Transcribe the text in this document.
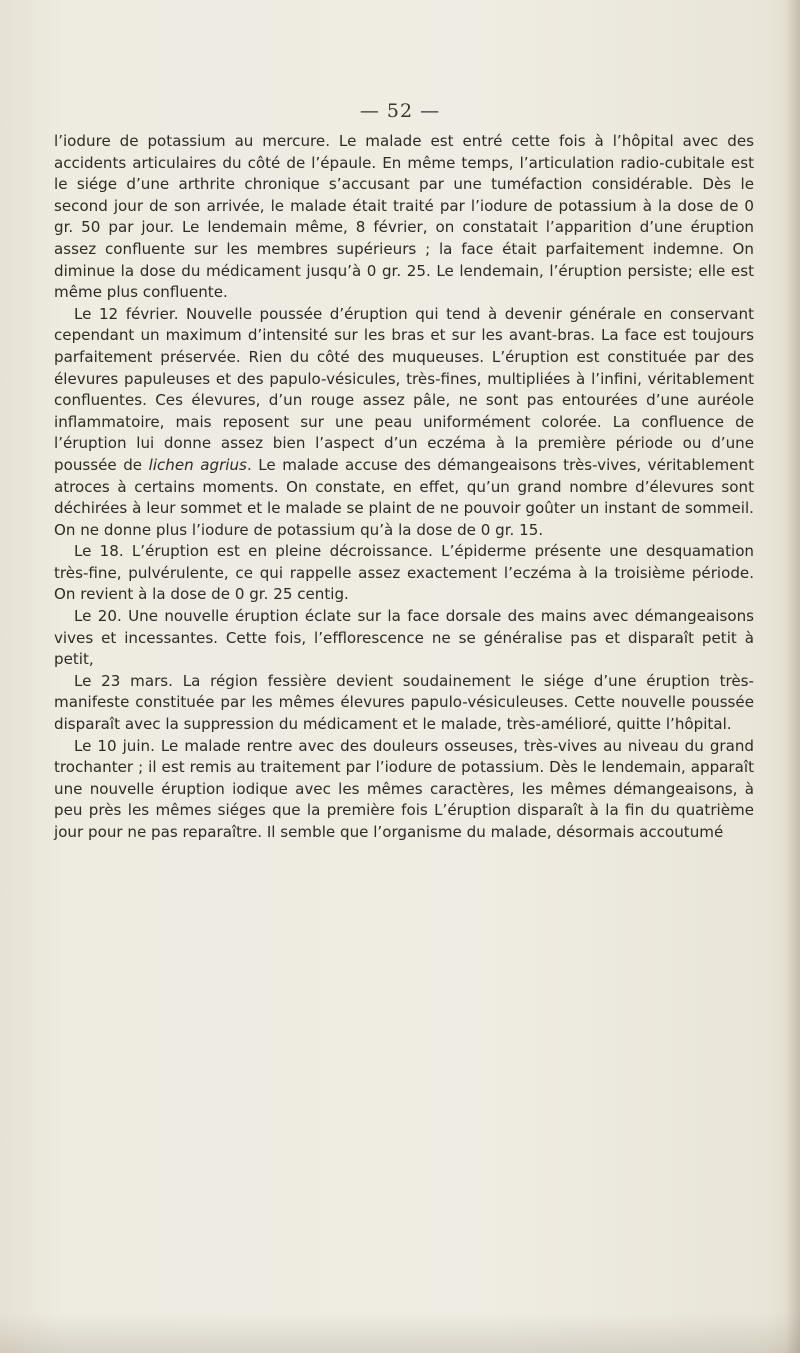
— 52 —

l’iodure de potassium au mercure. Le malade est entré cette fois à l’hôpital avec des accidents articulaires du côté de l’épaule. En même temps, l’articulation radio-cubitale est le siége d’une arthrite chronique s’accusant par une tuméfaction considérable. Dès le second jour de son arrivée, le malade était traité par l’iodure de potassium à la dose de 0 gr. 50 par jour. Le lendemain même, 8 février, on constatait l’apparition d’une éruption assez confluente sur les membres supérieurs ; la face était parfaitement indemne. On diminue la dose du médicament jusqu’à 0 gr. 25. Le lendemain, l’éruption persiste; elle est même plus confluente.

Le 12 février. Nouvelle poussée d’éruption qui tend à devenir générale en conservant cependant un maximum d’intensité sur les bras et sur les avant-bras. La face est toujours parfaitement préservée. Rien du côté des muqueuses. L’éruption est constituée par des élevures papuleuses et des papulo-vésicules, très-fines, multipliées à l’infini, véritablement confluentes. Ces élevures, d’un rouge assez pâle, ne sont pas entourées d’une auréole inflammatoire, mais reposent sur une peau uniformément colorée. La confluence de l’éruption lui donne assez bien l’aspect d’un eczéma à la première période ou d’une poussée de lichen agrius. Le malade accuse des démangeaisons très-vives, véritablement atroces à certains moments. On constate, en effet, qu’un grand nombre d’élevures sont déchirées à leur sommet et le malade se plaint de ne pouvoir goûter un instant de sommeil. On ne donne plus l’iodure de potassium qu’à la dose de 0 gr. 15.

Le 18. L’éruption est en pleine décroissance. L’épiderme présente une desquamation très-fine, pulvérulente, ce qui rappelle assez exactement l’eczéma à la troisième période. On revient à la dose de 0 gr. 25 centig.

Le 20. Une nouvelle éruption éclate sur la face dorsale des mains avec démangeaisons vives et incessantes. Cette fois, l’efflorescence ne se généralise pas et disparaît petit à petit,

Le 23 mars. La région fessière devient soudainement le siége d’une éruption très-manifeste constituée par les mêmes élevures papulo-vésiculeuses. Cette nouvelle poussée disparaît avec la suppression du médicament et le malade, très-amélioré, quitte l’hôpital.

Le 10 juin. Le malade rentre avec des douleurs osseuses, très-vives au niveau du grand trochanter ; il est remis au traitement par l’iodure de potassium. Dès le lendemain, apparaît une nouvelle éruption iodique avec les mêmes caractères, les mêmes démangeaisons, à peu près les mêmes siéges que la première fois L’éruption disparaît à la fin du quatrième jour pour ne pas reparaître. Il semble que l’organisme du malade, désormais accoutumé
